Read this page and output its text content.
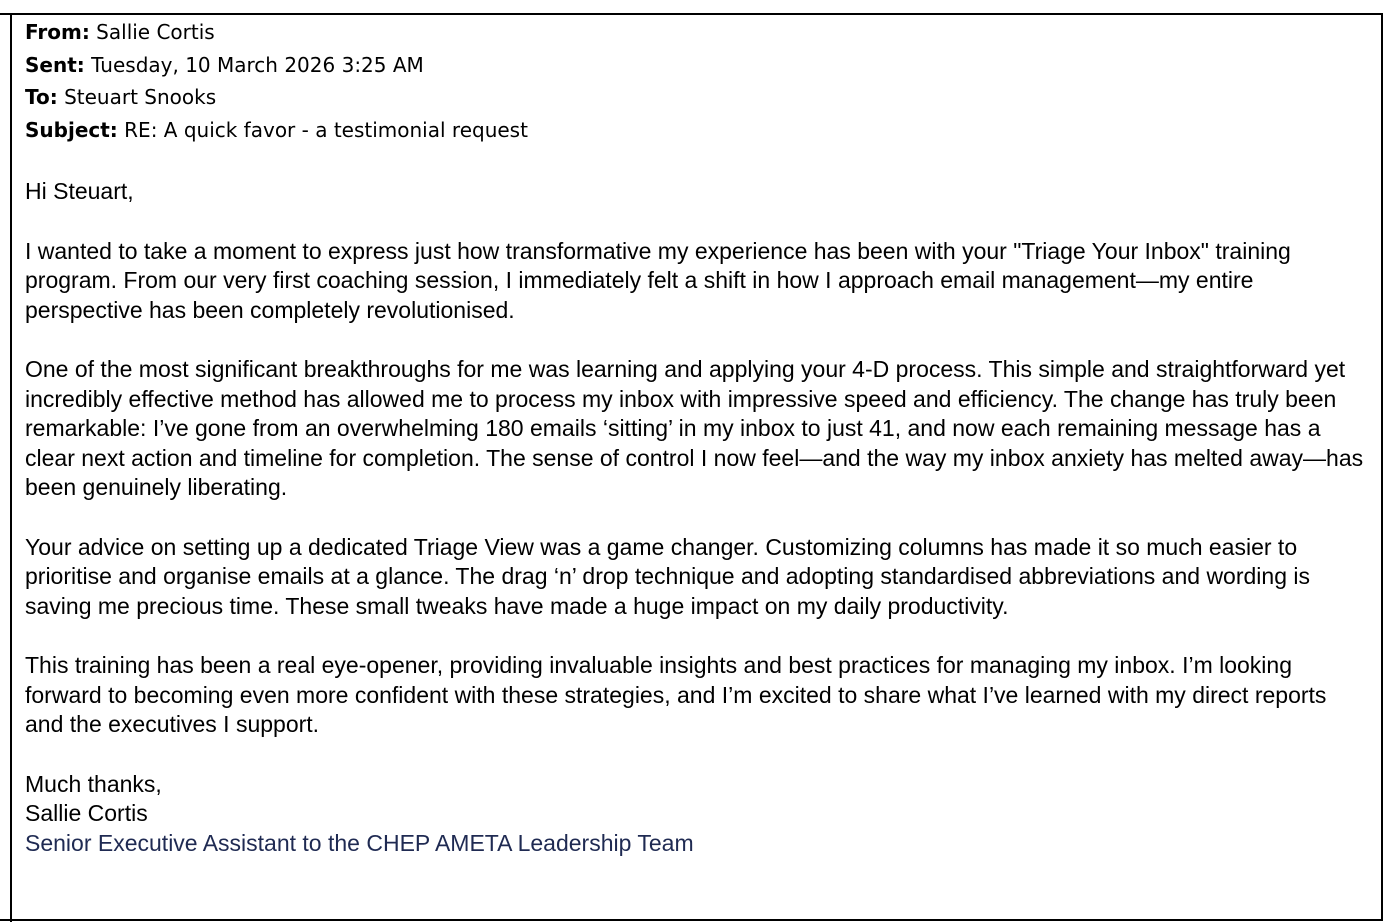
From: Sallie Cortis
Sent: Tuesday, 10 March 2026 3:25 AM
To: Steuart Snooks
Subject: RE: A quick favor - a testimonial request

Hi Steuart,

I wanted to take a moment to express just how transformative my experience has been with your "Triage Your Inbox" training program. From our very first coaching session, I immediately felt a shift in how I approach email management—my entire perspective has been completely revolutionised.

One of the most significant breakthroughs for me was learning and applying your 4-D process. This simple and straightforward yet incredibly effective method has allowed me to process my inbox with impressive speed and efficiency. The change has truly been remarkable: I’ve gone from an overwhelming 180 emails ‘sitting’ in my inbox to just 41, and now each remaining message has a clear next action and timeline for completion. The sense of control I now feel—and the way my inbox anxiety has melted away—has been genuinely liberating.

Your advice on setting up a dedicated Triage View was a game changer. Customizing columns has made it so much easier to prioritise and organise emails at a glance. The drag ‘n’ drop technique and adopting standardised abbreviations and wording is saving me precious time. These small tweaks have made a huge impact on my daily productivity.

This training has been a real eye-opener, providing invaluable insights and best practices for managing my inbox. I’m looking forward to becoming even more confident with these strategies, and I’m excited to share what I’ve learned with my direct reports and the executives I support.

Much thanks,

Sallie Cortis

Senior Executive Assistant to the CHEP AMETA Leadership Team
